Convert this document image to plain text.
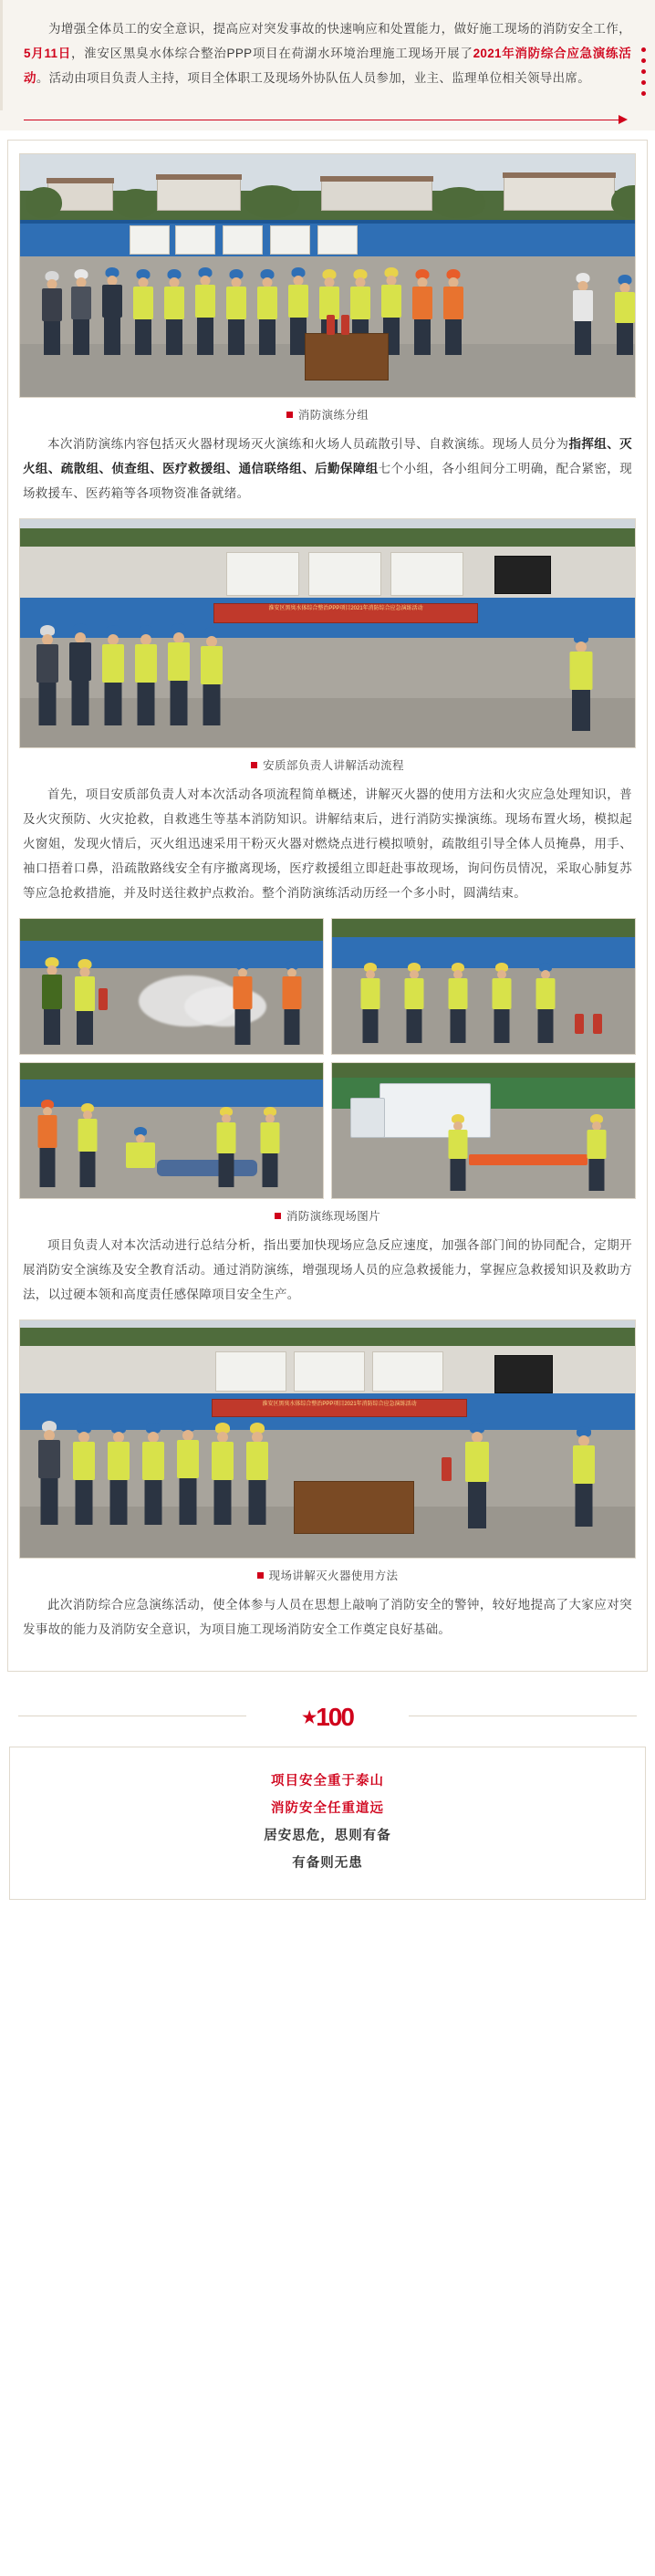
为增强全体员工的安全意识，提高应对突发事故的快速响应和处置能力，做好施工现场的消防安全工作，5月11日，淮安区黑臭水体综合整治PPP项目在荷湖水环境治理施工现场开展了2021年消防综合应急演练活动。活动由项目负责人主持，项目全体职工及现场外协队伍人员参加，业主、监理单位相关领导出席。
消防演练分组
本次消防演练内容包括灭火器材现场灭火演练和火场人员疏散引导、自救演练。现场人员分为指挥组、灭火组、疏散组、侦查组、医疗救援组、通信联络组、后勤保障组七个小组，各小组间分工明确，配合紧密，现场救援车、医药箱等各项物资准备就绪。
淮安区黑臭水体综合整治PPP项目2021年消防综合应急演练活动
安质部负责人讲解活动流程
首先，项目安质部负责人对本次活动各项流程简单概述，讲解灭火器的使用方法和火灾应急处理知识，普及火灾预防、火灾抢救，自救逃生等基本消防知识。讲解结束后，进行消防实操演练。现场布置火场，模拟起火窗姐，发现火情后，灭火组迅速采用干粉灭火器对燃烧点进行模拟喷射，疏散组引导全体人员掩鼻，用手、袖口捂着口鼻，沿疏散路线安全有序撤离现场，医疗救援组立即赶赴事故现场，询问伤员情况，采取心肺复苏等应急抢救措施，并及时送往救护点救治。整个消防演练活动历经一个多小时，圆满结束。
消防演练现场图片
项目负责人对本次活动进行总结分析，指出要加快现场应急反应速度，加强各部门间的协同配合，定期开展消防安全演练及安全教育活动。通过消防演练，增强现场人员的应急救援能力，掌握应急救援知识及救助方法，以过硬本领和高度责任感保障项目安全生产。
淮安区黑臭水体综合整治PPP项目2021年消防综合应急演练活动
现场讲解灭火器使用方法
此次消防综合应急演练活动，使全体参与人员在思想上敲响了消防安全的警钟，较好地提高了大家应对突发事故的能力及消防安全意识，为项目施工现场消防安全工作奠定良好基础。
★ 100
项目安全重于泰山
消防安全任重道远
居安思危，思则有备
有备则无患
